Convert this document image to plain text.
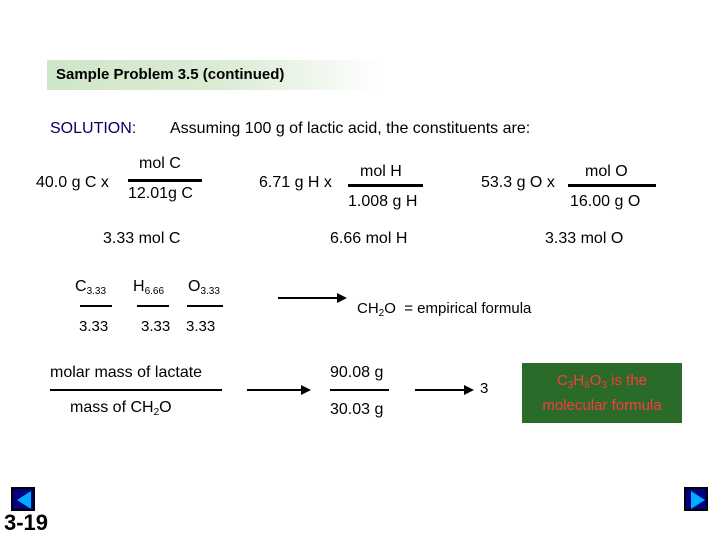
Sample Problem 3.5 (continued)
SOLUTION: Assuming 100 g of lactic acid, the constituents are:
40.0 g C x
mol C
12.01g C
3.33 mol C
6.71 g H x
mol H
1.008 g H
6.66 mol H
53.3 g O x
mol O
16.00 g O
3.33 mol O
$C_{3.33}$ $H_{6.66}$ $O_{3.33}$
3.33 3.33 3.33
$CH_2O$ = empirical formula
molar mass of lactate
mass of $CH_2O$
90.08 g
30.03 g
3	$C_3H_6O_3$ is the
molecular formula
3-19
